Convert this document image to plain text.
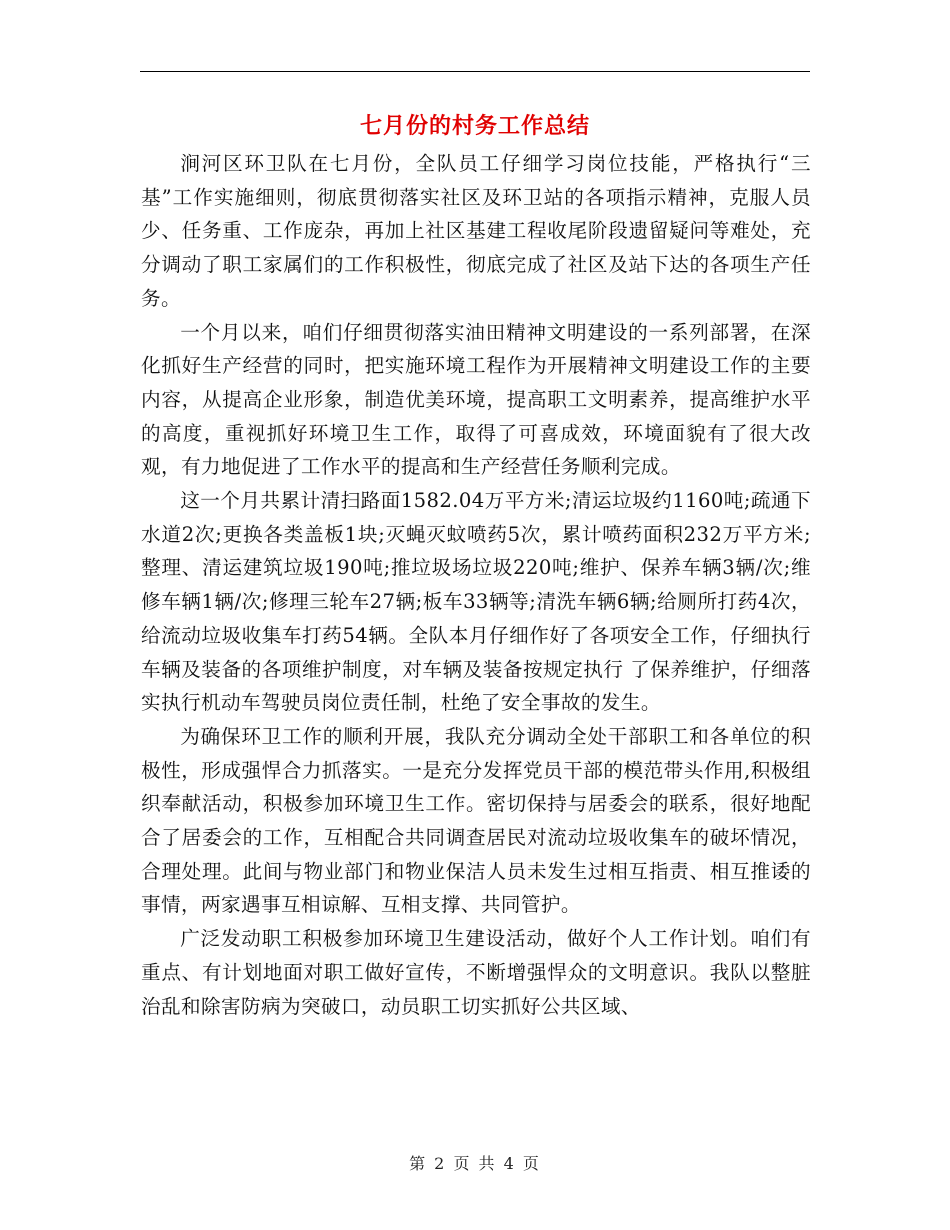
七月份的村务工作总结

涧河区环卫队在七月份，全队员工仔细学习岗位技能，严格执行“三基”工作实施细则，彻底贯彻落实社区及环卫站的各项指示精神，克服人员少、任务重、工作庞杂，再加上社区基建工程收尾阶段遗留疑问等难处，充分调动了职工家属们的工作积极性，彻底完成了社区及站下达的各项生产任务。

一个月以来，咱们仔细贯彻落实油田精神文明建设的一系列部署，在深化抓好生产经营的同时，把实施环境工程作为开展精神文明建设工作的主要内容，从提高企业形象，制造优美环境，提高职工文明素养，提高维护水平的高度，重视抓好环境卫生工作，取得了可喜成效，环境面貌有了很大改观，有力地促进了工作水平的提高和生产经营任务顺利完成。

这一个月共累计清扫路面1582.04万平方米;清运垃圾约1160吨;疏通下水道2次;更换各类盖板1块;灭蝇灭蚊喷药5次，累计喷药面积232万平方米;整理、清运建筑垃圾190吨;推垃圾场垃圾220吨;维护、保养车辆3辆/次;维修车辆1辆/次;修理三轮车27辆;板车33辆等;清洗车辆6辆;给厕所打药4次，给流动垃圾收集车打药54辆。全队本月仔细作好了各项安全工作，仔细执行车辆及装备的各项维护制度，对车辆及装备按规定执行 了保养维护，仔细落实执行机动车驾驶员岗位责任制，杜绝了安全事故的发生。

为确保环卫工作的顺利开展，我队充分调动全处干部职工和各单位的积极性，形成强悍合力抓落实。一是充分发挥党员干部的模范带头作用,积极组织奉献活动，积极参加环境卫生工作。密切保持与居委会的联系，很好地配合了居委会的工作，互相配合共同调查居民对流动垃圾收集车的破坏情况，合理处理。此间与物业部门和物业保洁人员未发生过相互指责、相互推诿的事情，两家遇事互相谅解、互相支撑、共同管护。

广泛发动职工积极参加环境卫生建设活动，做好个人工作计划。咱们有重点、有计划地面对职工做好宣传，不断增强悍众的文明意识。我队以整脏治乱和除害防病为突破口，动员职工切实抓好公共区域、

第 2 页 共 4 页
